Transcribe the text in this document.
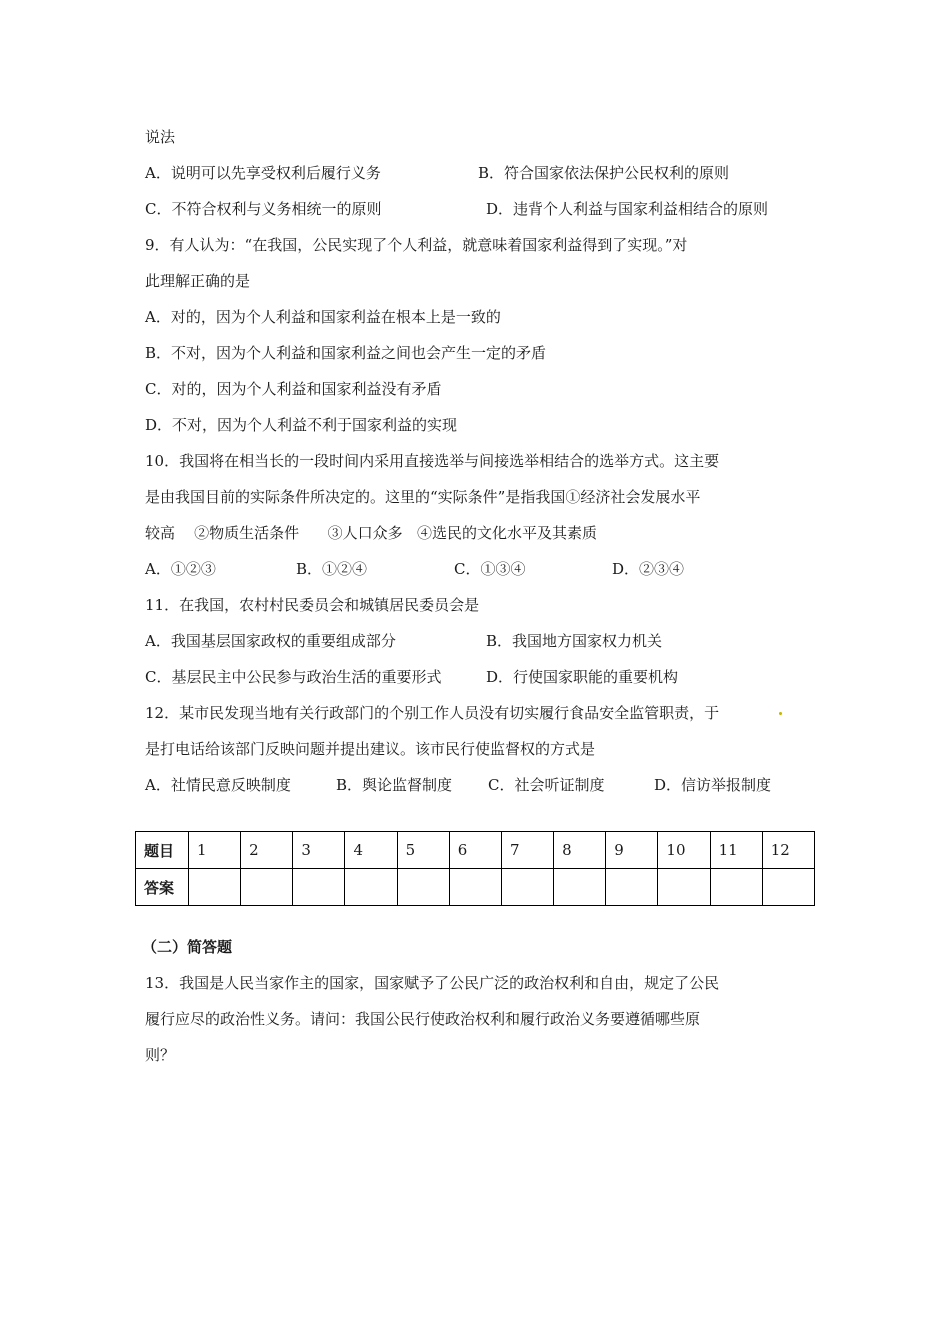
说法
A．说明可以先享受权利后履行义务	B．符合国家依法保护公民权利的原则
C．不符合权利与义务相统一的原则	D．违背个人利益与国家利益相结合的原则
9．有人认为：“在我国，公民实现了个人利益，就意味着国家利益得到了实现。”对
此理解正确的是
A．对的，因为个人利益和国家利益在根本上是一致的
B．不对，因为个人利益和国家利益之间也会产生一定的矛盾
C．对的，因为个人利益和国家利益没有矛盾
D．不对，因为个人利益不利于国家利益的实现
10．我国将在相当长的一段时间内采用直接选举与间接选举相结合的选举方式。这主要
是由我国目前的实际条件所决定的。这里的“实际条件”是指我国①经济社会发展水平
较高    ②物质生活条件      ③人口众多   ④选民的文化水平及其素质
A．①②③	B．①②④	C．①③④	D．②③④
11．在我国，农村村民委员会和城镇居民委员会是
A．我国基层国家政权的重要组成部分	B．我国地方国家权力机关
C．基层民主中公民参与政治生活的重要形式	D．行使国家职能的重要机构
12．某市民发现当地有关行政部门的个别工作人员没有切实履行食品安全监管职责，于
是打电话给该部门反映问题并提出建议。该市民行使监督权的方式是
A．社情民意反映制度	B．舆论监督制度 C．社会听证制度	D．信访举报制度
题目	1	2	3	4	5	6	7	8	9	10	11	12
答案												
（二）简答题
13．我国是人民当家作主的国家，国家赋予了公民广泛的政治权利和自由，规定了公民
履行应尽的政治性义务。请问：我国公民行使政治权利和履行政治义务要遵循哪些原
则？
